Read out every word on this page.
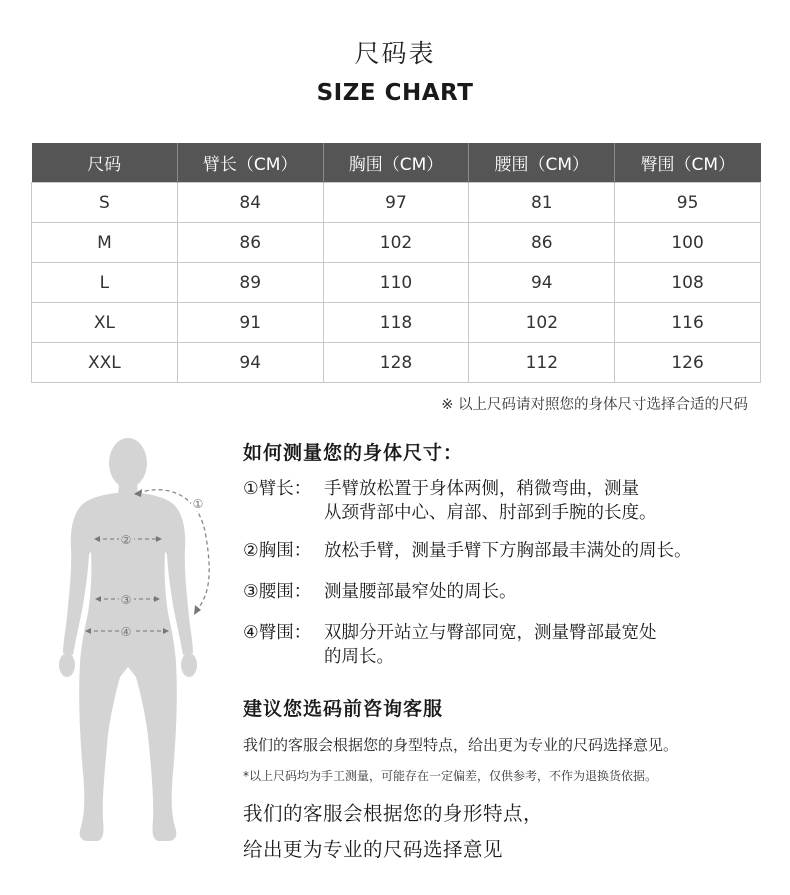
尺码表
SIZE CHART
尺码	臂长（CM）	胸围（CM）	腰围（CM）	臀围（CM）
S	84	97	81	95
M	86	102	86	100
L	89	110	94	108
XL	91	118	102	116
XXL	94	128	112	126
※ 以上尺码请对照您的身体尺寸选择合适的尺码
①
②
③
④
如何测量您的身体尺寸：
①臂长： 手臂放松置于身体两侧，稍微弯曲，测量
从颈背部中心、肩部、肘部到手腕的长度。
②胸围： 放松手臂，测量手臂下方胸部最丰满处的周长。
③腰围： 测量腰部最窄处的周长。
④臀围： 双脚分开站立与臀部同宽，测量臀部最宽处
的周长。
建议您选码前咨询客服
我们的客服会根据您的身型特点，给出更为专业的尺码选择意见。
*以上尺码均为手工测量，可能存在一定偏差，仅供参考，不作为退换货依据。
我们的客服会根据您的身形特点，
给出更为专业的尺码选择意见
